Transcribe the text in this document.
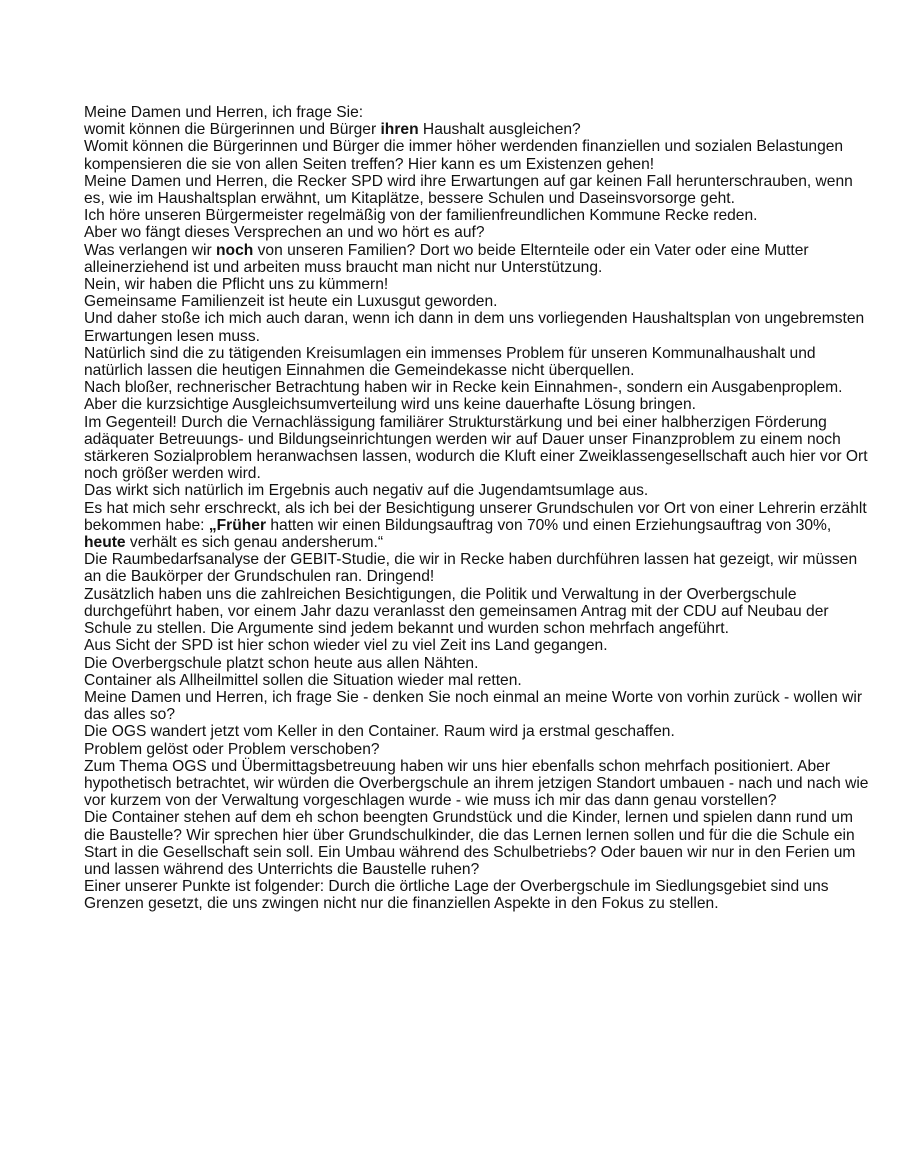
Meine Damen und Herren, ich frage Sie:

womit können die Bürgerinnen und Bürger ihren Haushalt ausgleichen?

Womit können die Bürgerinnen und Bürger die immer höher werdenden finanziellen und sozialen Belastungen kompensieren die sie von allen Seiten treffen? Hier kann es um Existenzen gehen!

Meine Damen und Herren, die Recker SPD wird ihre Erwartungen auf gar keinen Fall herunterschrauben, wenn es, wie im Haushaltsplan erwähnt, um Kitaplätze, bessere Schulen und Daseinsvorsorge geht.

Ich höre unseren Bürgermeister regelmäßig von der familienfreundlichen Kommune Recke reden.

Aber wo fängt dieses Versprechen an und wo hört es auf?

Was verlangen wir noch von unseren Familien? Dort wo beide Elternteile oder ein Vater oder eine Mutter alleinerziehend ist und arbeiten muss braucht man nicht nur Unterstützung.

Nein, wir haben die Pflicht uns zu kümmern!

Gemeinsame Familienzeit ist heute ein Luxusgut geworden.

Und daher stoße ich mich auch daran, wenn ich dann in dem uns vorliegenden Haushaltsplan von ungebremsten Erwartungen lesen muss.

Natürlich sind die zu tätigenden Kreisumlagen ein immenses Problem für unseren Kommunalhaushalt und natürlich lassen die heutigen Einnahmen die Gemeindekasse nicht überquellen.

Nach bloßer, rechnerischer Betrachtung haben wir in Recke kein Einnahmen-, sondern ein Ausgabenproplem.

Aber die kurzsichtige Ausgleichsumverteilung wird uns keine dauerhafte Lösung bringen.

Im Gegenteil! Durch die Vernachlässigung familiärer Strukturstärkung und bei einer halbherzigen Förderung adäquater Betreuungs- und Bildungseinrichtungen werden wir auf Dauer unser Finanzproblem zu einem noch stärkeren Sozialproblem heranwachsen lassen, wodurch die Kluft einer Zweiklassengesellschaft auch hier vor Ort noch größer werden wird.

Das wirkt sich natürlich im Ergebnis auch negativ auf die Jugendamtsumlage aus.

Es hat mich sehr erschreckt, als ich bei der Besichtigung unserer Grundschulen vor Ort von einer Lehrerin erzählt bekommen habe: „Früher hatten wir einen Bildungsauftrag von 70% und einen Erziehungsauftrag von 30%, heute verhält es sich genau andersherum.“

Die Raumbedarfsanalyse der GEBIT-Studie, die wir in Recke haben durchführen lassen hat gezeigt, wir müssen an die Baukörper der Grundschulen ran. Dringend!

Zusätzlich haben uns die zahlreichen Besichtigungen, die Politik und Verwaltung in der Overbergschule durchgeführt haben, vor einem Jahr dazu veranlasst den gemeinsamen Antrag mit der CDU auf Neubau der Schule zu stellen. Die Argumente sind jedem bekannt und wurden schon mehrfach angeführt.

Aus Sicht der SPD ist hier schon wieder viel zu viel Zeit ins Land gegangen.

Die Overbergschule platzt schon heute aus allen Nähten.

Container als Allheilmittel sollen die Situation wieder mal retten.

Meine Damen und Herren, ich frage Sie - denken Sie noch einmal an meine Worte von vorhin zurück - wollen wir das alles so?

Die OGS wandert jetzt vom Keller in den Container. Raum wird ja erstmal geschaffen.

Problem gelöst oder Problem verschoben?

Zum Thema OGS und Übermittagsbetreuung haben wir uns hier ebenfalls schon mehrfach positioniert. Aber hypothetisch betrachtet, wir würden die Overbergschule an ihrem jetzigen Standort umbauen - nach und nach wie vor kurzem von der Verwaltung vorgeschlagen wurde - wie muss ich mir das dann genau vorstellen?

Die Container stehen auf dem eh schon beengten Grundstück und die Kinder, lernen und spielen dann rund um die Baustelle? Wir sprechen hier über Grundschulkinder, die das Lernen lernen sollen und für die die Schule ein Start in die Gesellschaft sein soll. Ein Umbau während des Schulbetriebs? Oder bauen wir nur in den Ferien um und lassen während des Unterrichts die Baustelle ruhen?

Einer unserer Punkte ist folgender: Durch die örtliche Lage der Overbergschule im Siedlungsgebiet sind uns Grenzen gesetzt, die uns zwingen nicht nur die finanziellen Aspekte in den Fokus zu stellen.
